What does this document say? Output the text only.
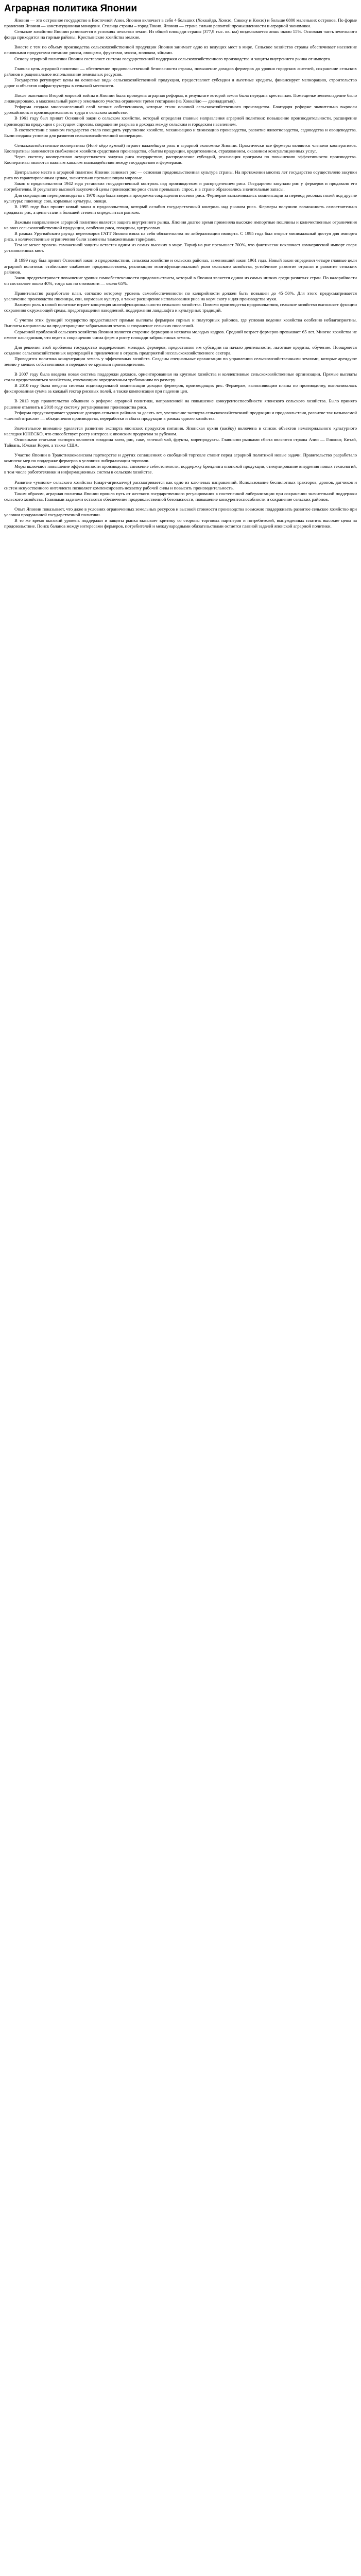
Аграрная политика Японии

Япония — это островное государство в Восточной Азии. Японии включает в себя 4 больших (Хоккайдо, Хонсю, Сикоку и Кюсю) и больше 6800 маленьких островов. По форме правления Япония — конституционная монархия. Столица страны – город Токио. Япония — страна сильно развитой промышленности и аграрной экономики.

Сельское хозяйство Японии развивается в условиях нехватки земли. Из общей площади страны (377,9 тыс. кв. км) возделывается лишь около 15%. Основная часть земельного фонда приходится на горные районы. Крестьянские хозяйства мелкие.

Вместе с тем по объему производства сельскохозяйственной продукции Япония занимает одно из ведущих мест в мире. Сельское хозяйство страны обеспечивает население основными продуктами питания: рисом, овощами, фруктами, мясом, молоком, яйцами.

Основу аграрной политики Японии составляет система государственной поддержки сельскохозяйственного производства и защиты внутреннего рынка от импорта.

Главная цель аграрной политики — обеспечение продовольственной безопасности страны, повышение доходов фермеров до уровня городских жителей, сохранение сельских районов и рациональное использование земельных ресурсов.

Государство регулирует цены на основные виды сельскохозяйственной продукции, предоставляет субсидии и льготные кредиты, финансирует мелиорацию, строительство дорог и объектов инфраструктуры в сельской местности.

После окончания Второй мировой войны в Японии была проведена аграрная реформа, в результате которой земля была передана крестьянам. Помещичье землевладение было ликвидировано, а максимальный размер земельного участка ограничен тремя гектарами (на Хоккайдо — двенадцатью).

Реформа создала многочисленный слой мелких собственников, которые стали основой сельскохозяйственного производства. Благодаря реформе значительно выросли урожайность и производительность труда в сельском хозяйстве.

В 1961 году был принят Основной закон о сельском хозяйстве, который определил главные направления аграрной политики: повышение производительности, расширение производства продукции с растущим спросом, сокращение разрыва в доходах между сельским и городским населением.

В соответствии с законом государство стало поощрять укрупнение хозяйств, механизацию и химизацию производства, развитие животноводства, садоводства и овощеводства. Были созданы условия для развития сельскохозяйственной кооперации.

Сельскохозяйственные кооперативы (Ногё кёдо кумиай) играют важнейшую роль в аграрной экономике Японии. Практически все фермеры являются членами кооперативов. Кооперативы занимаются снабжением хозяйств средствами производства, сбытом продукции, кредитованием, страхованием, оказанием консультационных услуг.

Через систему кооперативов осуществляется закупка риса государством, распределение субсидий, реализация программ по повышению эффективности производства. Кооперативы являются важным каналом взаимодействия между государством и фермерами.

Центральное место в аграрной политике Японии занимает рис — основная продовольственная культура страны. На протяжении многих лет государство осуществляло закупки риса по гарантированным ценам, значительно превышающим мировые.

Закон о продовольствии 1942 года установил государственный контроль над производством и распределением риса. Государство закупало рис у фермеров и продавало его потребителям. В результате высокой закупочной цены производство риса стало превышать спрос, и в стране образовались значительные запасы.

Для сокращения перепроизводства с 1970 года была введена программа сокращения посевов риса. Фермерам выплачивались компенсации за перевод рисовых полей под другие культуры: пшеницу, сою, кормовые культуры, овощи.

В 1995 году был принят новый закон о продовольствии, который ослабил государственный контроль над рынком риса. Фермеры получили возможность самостоятельно продавать рис, а цены стали в большей степени определяться рынком.

Важным направлением аграрной политики является защита внутреннего рынка. Япония долгое время применяла высокие импортные пошлины и количественные ограничения на ввоз сельскохозяйственной продукции, особенно риса, говядины, цитрусовых.

В рамках Уругвайского раунда переговоров ГАТТ Япония взяла на себя обязательства по либерализации импорта. С 1995 года был открыт минимальный доступ для импорта риса, а количественные ограничения были заменены таможенными тарифами.

Тем не менее уровень таможенной защиты остается одним из самых высоких в мире. Тариф на рис превышает 700%, что фактически исключает коммерческий импорт сверх установленных квот.

В 1999 году был принят Основной закон о продовольствии, сельском хозяйстве и сельских районах, заменивший закон 1961 года. Новый закон определил четыре главные цели аграрной политики: стабильное снабжение продовольствием, реализацию многофункциональной роли сельского хозяйства, устойчивое развитие отрасли и развитие сельских районов.

Закон предусматривает повышение уровня самообеспеченности продовольствием, который в Японии является одним из самых низких среди развитых стран. По калорийности он составляет около 40%, тогда как по стоимости — около 65%.

Правительство разработало план, согласно которому уровень самообеспеченности по калорийности должен быть повышен до 45–50%. Для этого предусматривается увеличение производства пшеницы, сои, кормовых культур, а также расширение использования риса на корм скоту и для производства муки.

Важную роль в новой политике играет концепция многофункциональности сельского хозяйства. Помимо производства продовольствия, сельское хозяйство выполняет функции сохранения окружающей среды, предотвращения наводнений, поддержания ландшафта и культурных традиций.

С учетом этих функций государство предоставляет прямые выплаты фермерам горных и полугорных районов, где условия ведения хозяйства особенно неблагоприятны. Выплаты направлены на предотвращение забрасывания земель и сохранение сельских поселений.

Серьезной проблемой сельского хозяйства Японии является старение фермеров и нехватка молодых кадров. Средний возраст фермеров превышает 65 лет. Многие хозяйства не имеют наследников, что ведет к сокращению числа ферм и росту площади заброшенных земель.

Для решения этой проблемы государство поддерживает молодых фермеров, предоставляя им субсидии на начало деятельности, льготные кредиты, обучение. Поощряется создание сельскохозяйственных корпораций и привлечение в отрасль предприятий несельскохозяйственного сектора.

Проводится политика концентрации земель у эффективных хозяйств. Созданы специальные организации по управлению сельскохозяйственными землями, которые арендуют землю у мелких собственников и передают ее крупным производителям.

В 2007 году была введена новая система поддержки доходов, ориентированная на крупные хозяйства и коллективные сельскохозяйственные организации. Прямые выплаты стали предоставляться хозяйствам, отвечающим определенным требованиям по размеру.

В 2010 году была введена система индивидуальной компенсации доходов фермеров, производящих рис. Фермерам, выполняющим планы по производству, выплачивалась фиксированная сумма за каждый гектар рисовых полей, а также компенсация при падении цен.

В 2013 году правительство объявило о реформе аграрной политики, направленной на повышение конкурентоспособности японского сельского хозяйства. Было принято решение отменить к 2018 году систему регулирования производства риса.

Реформа предусматривает удвоение доходов сельских районов за десять лет, увеличение экспорта сельскохозяйственной продукции и продовольствия, развитие так называемой «шестой отрасли» — объединения производства, переработки и сбыта продукции в рамках одного хозяйства.

Значительное внимание уделяется развитию экспорта японских продуктов питания. Японская кухня (васёку) включена в список объектов нематериального культурного наследия ЮНЕСКО, что способствует росту интереса к японским продуктам за рубежом.

Основными статьями экспорта являются говядина вагю, рис, саке, зеленый чай, фрукты, морепродукты. Главными рынками сбыта являются страны Азии — Гонконг, Китай, Тайвань, Южная Корея, а также США.

Участие Японии в Транстихоокеанском партнерстве и других соглашениях о свободной торговле ставит перед аграрной политикой новые задачи. Правительство разработало комплекс мер по поддержке фермеров в условиях либерализации торговли.

Меры включают повышение эффективности производства, снижение себестоимости, поддержку брендинга японской продукции, стимулирование внедрения новых технологий, в том числе робототехники и информационных систем в сельском хозяйстве.

Развитие «умного» сельского хозяйства (смарт-агрикалчер) рассматривается как одно из ключевых направлений. Использование беспилотных тракторов, дронов, датчиков и систем искусственного интеллекта позволяет компенсировать нехватку рабочей силы и повысить производительность.

Таким образом, аграрная политика Японии прошла путь от жесткого государственного регулирования к постепенной либерализации при сохранении значительной поддержки сельского хозяйства. Главными задачами остаются обеспечение продовольственной безопасности, повышение конкурентоспособности и сохранение сельских районов.

Опыт Японии показывает, что даже в условиях ограниченных земельных ресурсов и высокой стоимости производства возможно поддерживать развитое сельское хозяйство при условии продуманной государственной политики.

В то же время высокий уровень поддержки и защиты рынка вызывает критику со стороны торговых партнеров и потребителей, вынужденных платить высокие цены за продовольствие. Поиск баланса между интересами фермеров, потребителей и международными обязательствами остается главной задачей японской аграрной политики.
